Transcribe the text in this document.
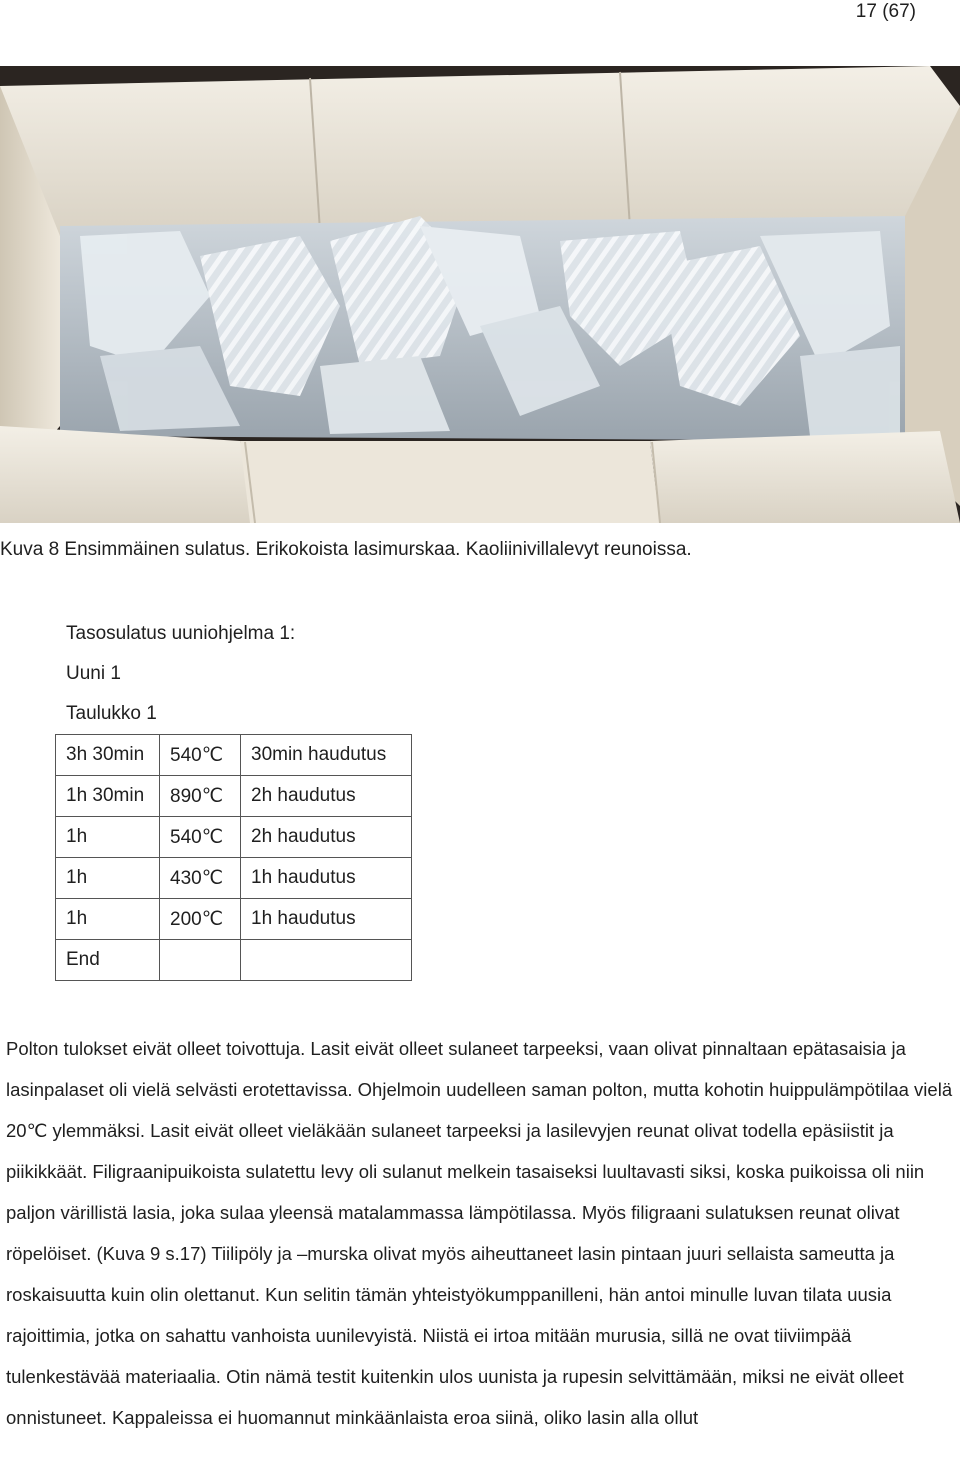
17 (67)
Kuva 8 Ensimmäinen sulatus. Erikokoista lasimurskaa. Kaoliinivillalevyt reunoissa.
Tasosulatus uuniohjelma 1:
Uuni 1
Taulukko 1
3h 30min	540℃	30min haudutus
1h 30min	890℃	2h haudutus
1h	540℃	2h haudutus
1h	430℃	1h haudutus
1h	200℃	1h haudutus
End		
Polton tulokset eivät olleet toivottuja. Lasit eivät olleet sulaneet tarpeeksi, vaan olivat pinnaltaan epätasaisia ja lasinpalaset oli vielä selvästi erotettavissa. Ohjelmoin uudelleen saman polton, mutta kohotin huippulämpötilaa vielä 20℃ ylemmäksi. Lasit eivät olleet vieläkään sulaneet tarpeeksi ja lasilevyjen reunat olivat todella epäsiistit ja piikikkäät. Filigraanipuikoista sulatettu levy oli sulanut melkein tasaiseksi luultavasti siksi, koska puikoissa oli niin paljon värillistä lasia, joka sulaa yleensä matalammassa lämpötilassa. Myös filigraani sulatuksen reunat olivat röpelöiset. (Kuva 9 s.17) Tiilipöly ja –murska olivat myös aiheuttaneet lasin pintaan juuri sellaista sameutta ja roskaisuutta kuin olin olettanut. Kun selitin tämän yhteistyökumppanilleni, hän antoi minulle luvan tilata uusia rajoittimia, jotka on sahattu vanhoista uunilevyistä. Niistä ei irtoa mitään murusia, sillä ne ovat tiiviimpää tulenkestävää materiaalia. Otin nämä testit kuitenkin ulos uunista ja rupesin selvittämään, miksi ne eivät olleet onnistuneet. Kappaleissa ei huomannut minkäänlaista eroa siinä, oliko lasin alla ollut
